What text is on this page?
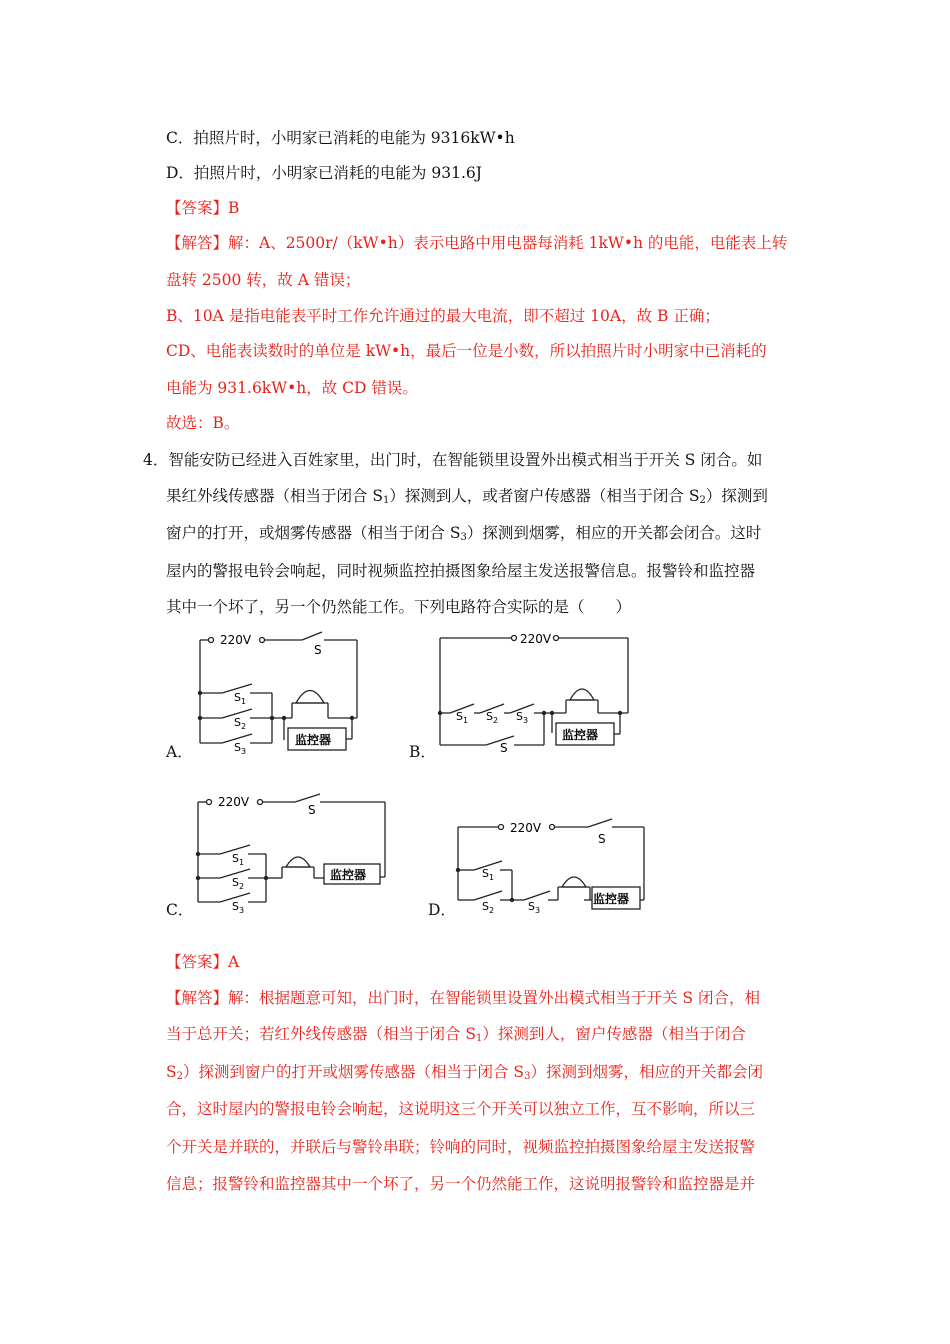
C．拍照片时，小明家已消耗的电能为 9316kW•h
D．拍照片时，小明家已消耗的电能为 931.6J
【答案】B
【解答】解：A、2500r/（kW•h）表示电路中用电器每消耗 1kW•h 的电能，电能表上转
盘转 2500 转，故 A 错误；
B、10A 是指电能表平时工作允许通过的最大电流，即不超过 10A，故 B 正确；
CD、电能表读数时的单位是 kW•h，最后一位是小数，所以拍照片时小明家中已消耗的
电能为 931.6kW•h，故 CD 错误。
故选：B。
4．智能安防已经进入百姓家里，出门时，在智能锁里设置外出模式相当于开关 S 闭合。如
果红外线传感器（相当于闭合 $S_1$）探测到人，或者窗户传感器（相当于闭合 $S_2$）探测到
窗户的打开，或烟雾传感器（相当于闭合 $S_3$）探测到烟雾，相应的开关都会闭合。这时
屋内的警报电铃会响起，同时视频监控拍摄图象给屋主发送报警信息。报警铃和监控器
其中一个坏了，另一个仍然能工作。下列电路符合实际的是（　　）
220V
S
$S_1$
$S_2$
$S_3$
监控器
A．
220V
$S_1$ $S_2$ $S_3$
S
监控器
B．
220V
S
$S_1$
$S_2$
$S_3$
监控器
C．
220V
S
$S_1$
$S_2$	$S_3$
监控器
D．
【答案】A
【解答】解：根据题意可知，出门时，在智能锁里设置外出模式相当于开关 S 闭合，相
当于总开关；若红外线传感器（相当于闭合 $S_1$）探测到人，窗户传感器（相当于闭合
$S_2$）探测到窗户的打开或烟雾传感器（相当于闭合 $S_3$）探测到烟雾，相应的开关都会闭
合，这时屋内的警报电铃会响起，这说明这三个开关可以独立工作，互不影响，所以三
个开关是并联的，并联后与警铃串联；铃响的同时，视频监控拍摄图象给屋主发送报警
信息；报警铃和监控器其中一个坏了，另一个仍然能工作，这说明报警铃和监控器是并
